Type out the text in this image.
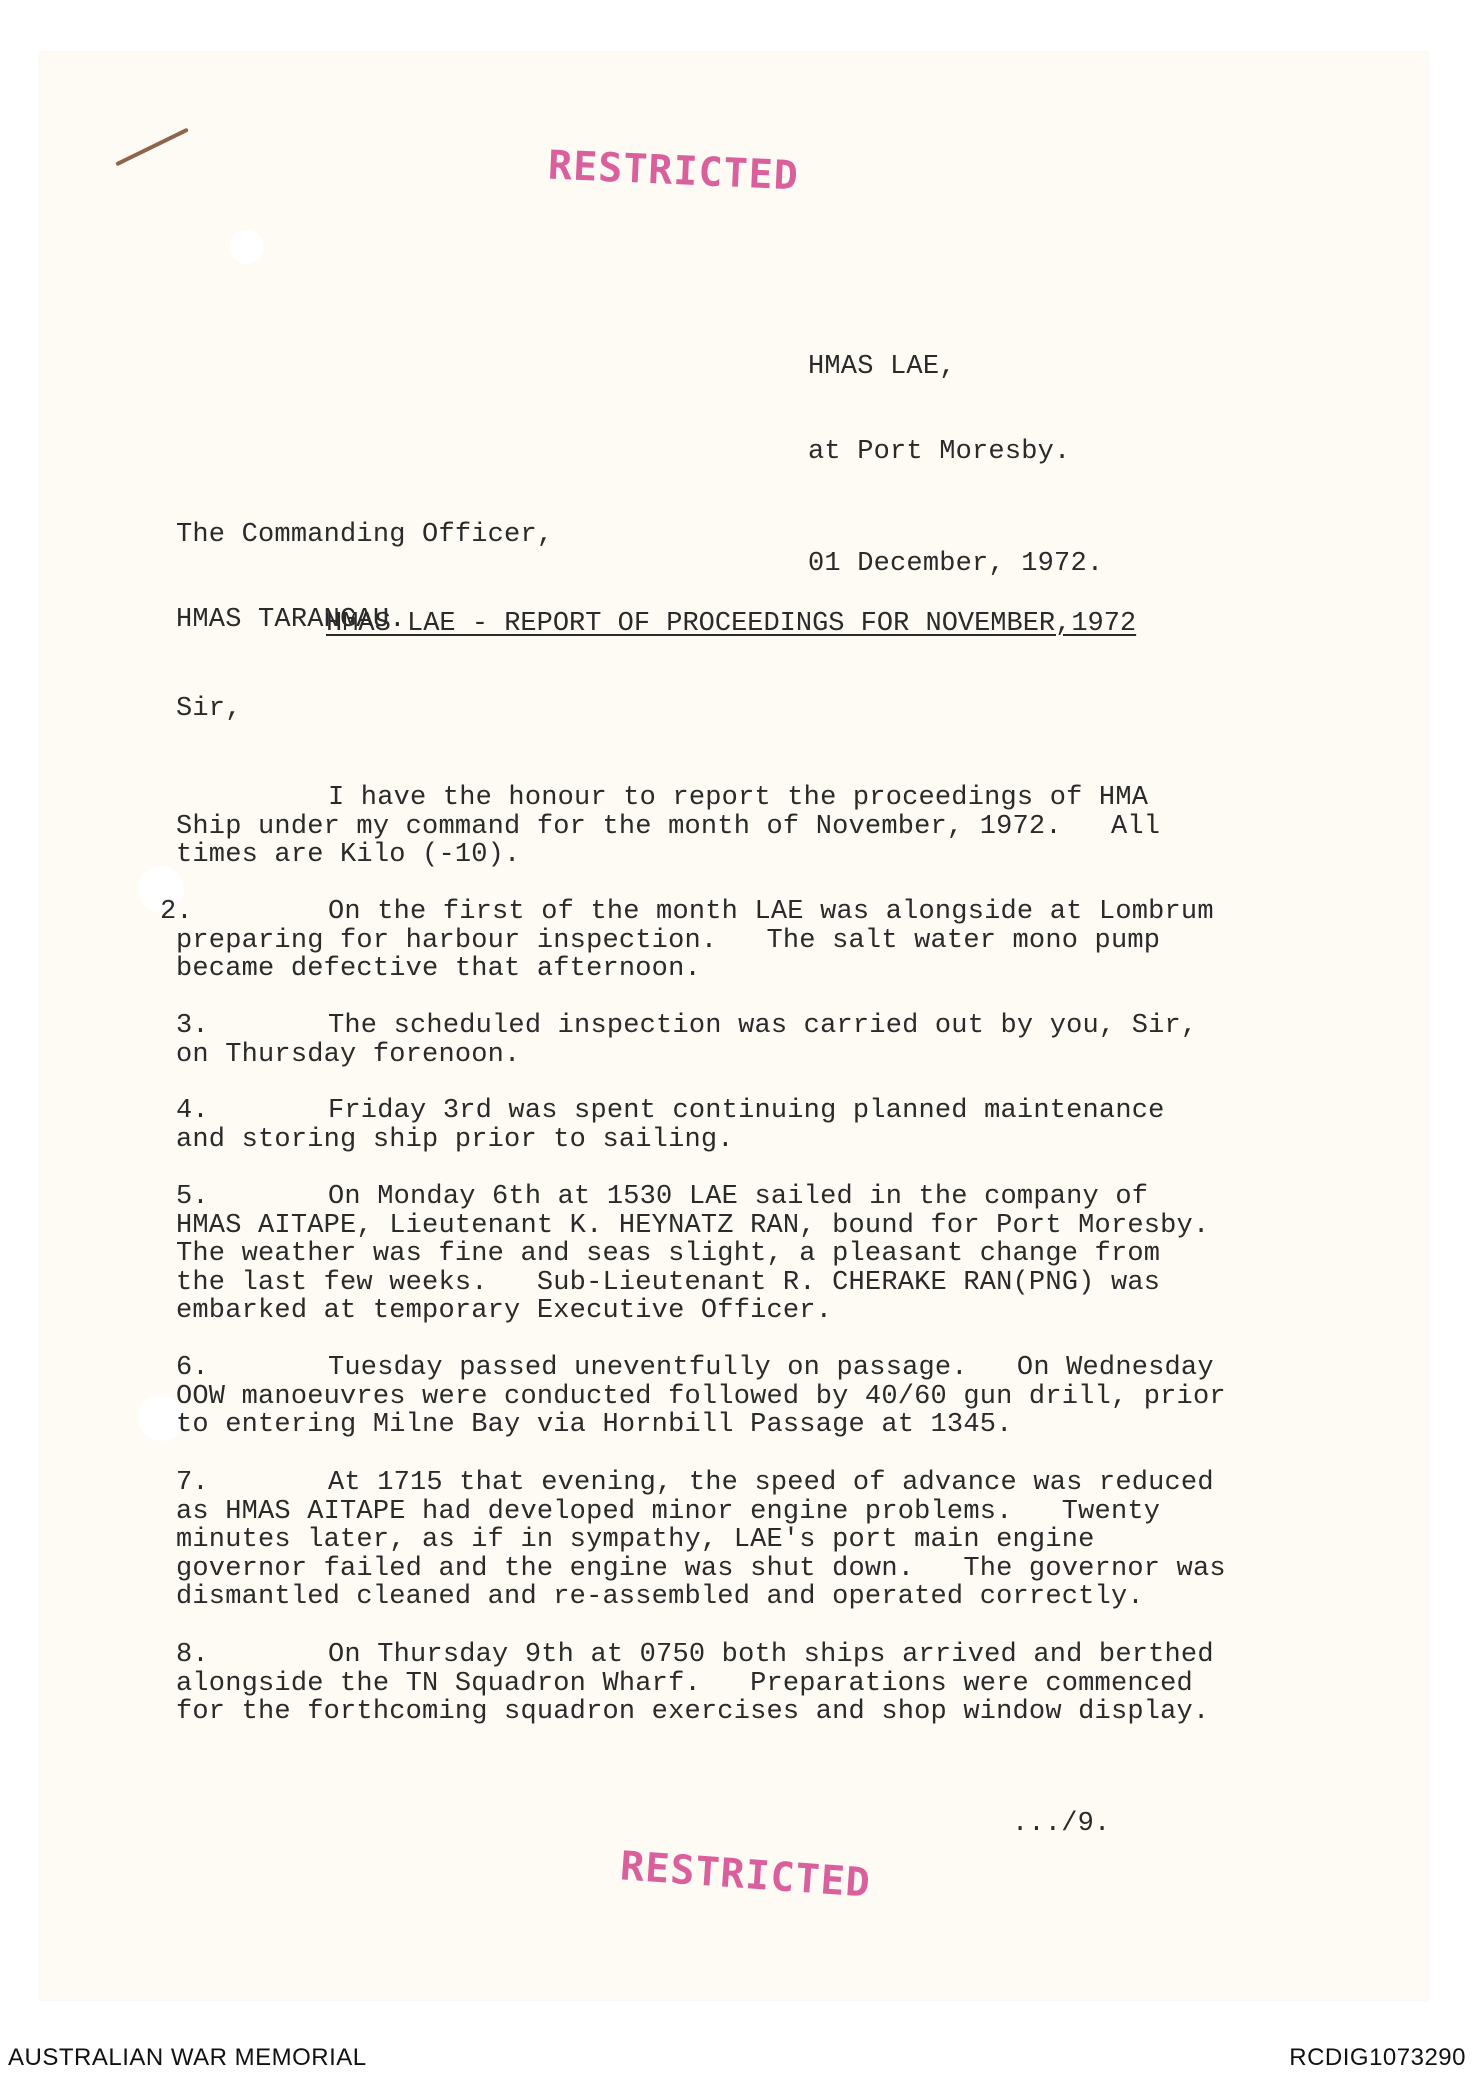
RESTRICTED

HMAS LAE,

at Port Moresby.

01 December, 1972.

The Commanding Officer,

HMAS TARANGAU.

HMAS LAE - REPORT OF PROCEEDINGS FOR NOVEMBER,1972
Sir,
I have the honour to report the proceedings of HMA
Ship under my command for the month of November, 1972.   All
times are Kilo (-10).
2.	On the first of the month LAE was alongside at Lombrum
preparing for harbour inspection.   The salt water mono pump
became defective that afternoon.
3.	The scheduled inspection was carried out by you, Sir,
on Thursday forenoon.
4.	Friday 3rd was spent continuing planned maintenance
and storing ship prior to sailing.
5.	On Monday 6th at 1530 LAE sailed in the company of
HMAS AITAPE, Lieutenant K. HEYNATZ RAN, bound for Port Moresby.
The weather was fine and seas slight, a pleasant change from
the last few weeks.   Sub-Lieutenant R. CHERAKE RAN(PNG) was
embarked at temporary Executive Officer.
6.	Tuesday passed uneventfully on passage.   On Wednesday
OOW manoeuvres were conducted followed by 40/60 gun drill, prior
to entering Milne Bay via Hornbill Passage at 1345.
7.	At 1715 that evening, the speed of advance was reduced
as HMAS AITAPE had developed minor engine problems.   Twenty
minutes later, as if in sympathy, LAE's port main engine
governor failed and the engine was shut down.   The governor was
dismantled cleaned and re-assembled and operated correctly.
8.	On Thursday 9th at 0750 both ships arrived and berthed
alongside the TN Squadron Wharf.   Preparations were commenced
for the forthcoming squadron exercises and shop window display.
.../9.
RESTRICTED
AUSTRALIAN WAR MEMORIAL	RCDIG1073290
